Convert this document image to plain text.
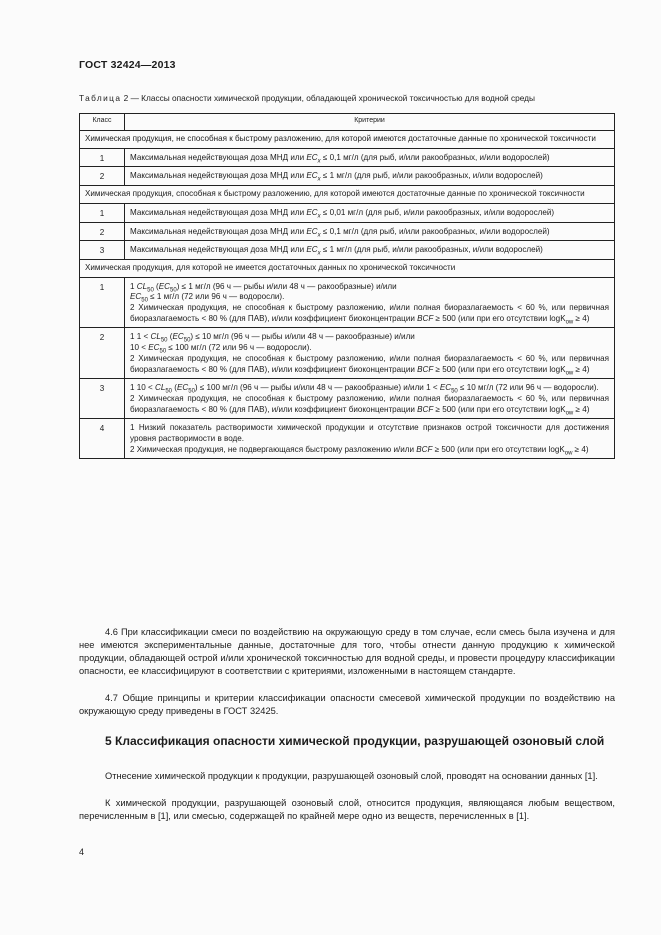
ГОСТ 32424—2013
Таблица 2 — Классы опасности химической продукции, обладающей хронической токсичностью для водной среды
Класс	Критерии
Химическая продукция, не способная к быстрому разложению, для которой имеются достаточные данные по хронической токсичности	
1	Максимальная недействующая доза МНД или $EC_x \le 0,1$ мг/л (для рыб, и/или ракообразных, и/или водорослей)
2	Максимальная недействующая доза МНД или $EC_x \le 1$ мг/л (для рыб, и/или ракообразных, и/или водорослей)
Химическая продукция, способная к быстрому разложению, для которой имеются достаточные данные по хронической токсичности	
1	Максимальная недействующая доза МНД или $EC_x \le 0,01$ мг/л (для рыб, и/или ракообразных, и/или водорослей)
2	Максимальная недействующая доза МНД или $EC_x \le 0,1$ мг/л (для рыб, и/или ракообразных, и/или водорослей)
3	Максимальная недействующая доза МНД или $EC_x \le 1$ мг/л (для рыб, и/или ракообразных, и/или водорослей)
Химическая продукция, для которой не имеется достаточных данных по хронической токсичности	
1	1 $CL_{50}$ $(EC_{50}) \le 1$ мг/л (96 ч — рыбы и/или 48 ч — ракообразные) и/или
$EC_{50} \le 1$ мг/л (72 или 96 ч — водоросли).
2 Химическая продукция, не способная к быстрому разложению, и/или полная биоразлагаемость < 60 %, или первичная биоразлагаемость < 80 % (для ПАВ), и/или коэффициент биоконцентрации BCF ≥ 500 (или при его отсутствии logK$_{ow}$ ≥ 4)

2	1 $1 < CL_{50}$ $(EC_{50}) \le 10$ мг/л (96 ч — рыбы и/или 48 ч — ракообразные) и/или
$10 < EC_{50} \le 100$ мг/л (72 или 96 ч — водоросли).
2 Химическая продукция, не способная к быстрому разложению, и/или полная биоразлагаемость < 60 %, или первичная биоразлагаемость < 80 % (для ПАВ), и/или коэффициент биоконцентрации BCF ≥ 500 (или при его отсутствии logK$_{ow}$ ≥ 4)

3	1 $10 < CL_{50}$ $(EC_{50}) \le 100$ мг/л (96 ч — рыбы и/или 48 ч — ракообразные) и/или $1 < EC_{50} \le 10$ мг/л (72 или 96 ч — водоросли).
2 Химическая продукция, не способная к быстрому разложению, и/или полная биоразлагаемость < 60 %, или первичная биоразлагаемость < 80 % (для ПАВ), и/или коэффициент биоконцентрации BCF ≥ 500 (или при его отсутствии logK$_{ow}$ ≥ 4)

4	1 Низкий показатель растворимости химической продукции и отсутствие признаков острой токсичности для достижения уровня растворимости в воде.
2 Химическая продукция, не подвергающаяся быстрому разложению и/или BCF ≥ 500 (или при его отсутствии logK$_{ow}$ ≥ 4)
4.6 При классификации смеси по воздействию на окружающую среду в том случае, если смесь была изучена и для нее имеются экспериментальные данные, достаточные для того, чтобы отнести данную продукцию к химической продукции, обладающей острой и/или хронической токсичностью для водной среды, и провести процедуру классификации опасности, ее классифицируют в соответствии с критериями, изложенными в настоящем стандарте.
4.7 Общие принципы и критерии классификации опасности смесевой химической продукции по воздействию на окружающую среду приведены в ГОСТ 32425.
5 Классификация опасности химической продукции, разрушающей озоновый слой
Отнесение химической продукции к продукции, разрушающей озоновый слой, проводят на основании данных [1].
К химической продукции, разрушающей озоновый слой, относится продукция, являющаяся любым веществом, перечисленным в [1], или смесью, содержащей по крайней мере одно из веществ, перечисленных в [1].
4
